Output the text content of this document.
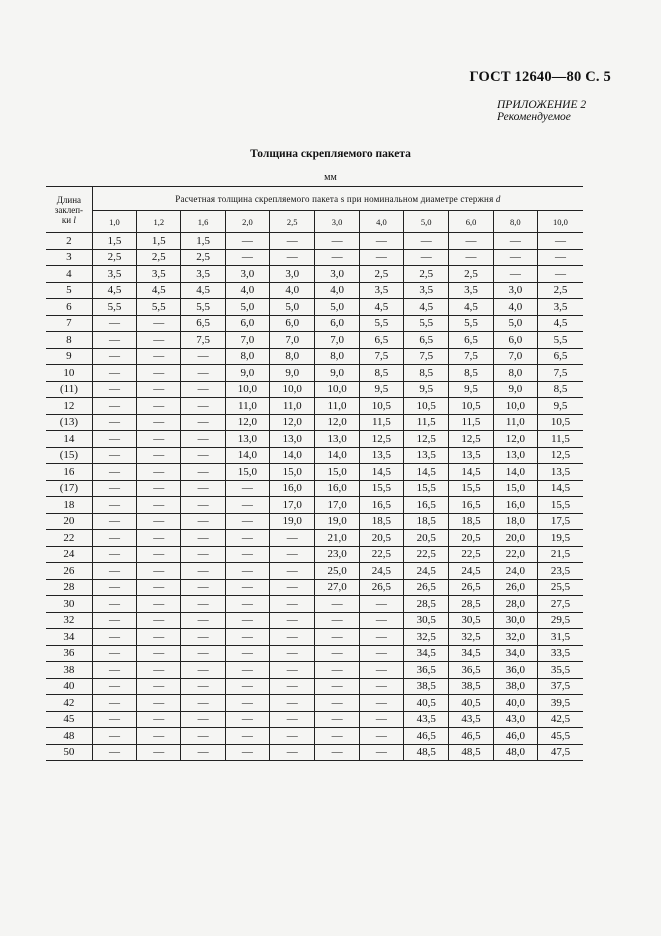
ГОСТ 12640—80 С. 5
ПРИЛОЖЕНИЕ 2
Рекомендуемое
Толщина скрепляемого пакета
мм
Длина
заклеп-
ки l	Расчетная толщина скрепляемого пакета s при номинальном диаметре стержня d										
	1,0	1,2	1,6	2,0	2,5	3,0	4,0	5,0	6,0	8,0	10,0
2	1,5	1,5	1,5	—	—	—	—	—	—	—	—
3	2,5	2,5	2,5	—	—	—	—	—	—	—	—
4	3,5	3,5	3,5	3,0	3,0	3,0	2,5	2,5	2,5	—	—
5	4,5	4,5	4,5	4,0	4,0	4,0	3,5	3,5	3,5	3,0	2,5
6	5,5	5,5	5,5	5,0	5,0	5,0	4,5	4,5	4,5	4,0	3,5
7	—	—	6,5	6,0	6,0	6,0	5,5	5,5	5,5	5,0	4,5
8	—	—	7,5	7,0	7,0	7,0	6,5	6,5	6,5	6,0	5,5
9	—	—	—	8,0	8,0	8,0	7,5	7,5	7,5	7,0	6,5
10	—	—	—	9,0	9,0	9,0	8,5	8,5	8,5	8,0	7,5
(11)	—	—	—	10,0	10,0	10,0	9,5	9,5	9,5	9,0	8,5
12	—	—	—	11,0	11,0	11,0	10,5	10,5	10,5	10,0	9,5
(13)	—	—	—	12,0	12,0	12,0	11,5	11,5	11,5	11,0	10,5
14	—	—	—	13,0	13,0	13,0	12,5	12,5	12,5	12,0	11,5
(15)	—	—	—	14,0	14,0	14,0	13,5	13,5	13,5	13,0	12,5
16	—	—	—	15,0	15,0	15,0	14,5	14,5	14,5	14,0	13,5
(17)	—	—	—	—	16,0	16,0	15,5	15,5	15,5	15,0	14,5
18	—	—	—	—	17,0	17,0	16,5	16,5	16,5	16,0	15,5
20	—	—	—	—	19,0	19,0	18,5	18,5	18,5	18,0	17,5
22	—	—	—	—	—	21,0	20,5	20,5	20,5	20,0	19,5
24	—	—	—	—	—	23,0	22,5	22,5	22,5	22,0	21,5
26	—	—	—	—	—	25,0	24,5	24,5	24,5	24,0	23,5
28	—	—	—	—	—	27,0	26,5	26,5	26,5	26,0	25,5
30	—	—	—	—	—	—	—	28,5	28,5	28,0	27,5
32	—	—	—	—	—	—	—	30,5	30,5	30,0	29,5
34	—	—	—	—	—	—	—	32,5	32,5	32,0	31,5
36	—	—	—	—	—	—	—	34,5	34,5	34,0	33,5
38	—	—	—	—	—	—	—	36,5	36,5	36,0	35,5
40	—	—	—	—	—	—	—	38,5	38,5	38,0	37,5
42	—	—	—	—	—	—	—	40,5	40,5	40,0	39,5
45	—	—	—	—	—	—	—	43,5	43,5	43,0	42,5
48	—	—	—	—	—	—	—	46,5	46,5	46,0	45,5
50	—	—	—	—	—	—	—	48,5	48,5	48,0	47,5
